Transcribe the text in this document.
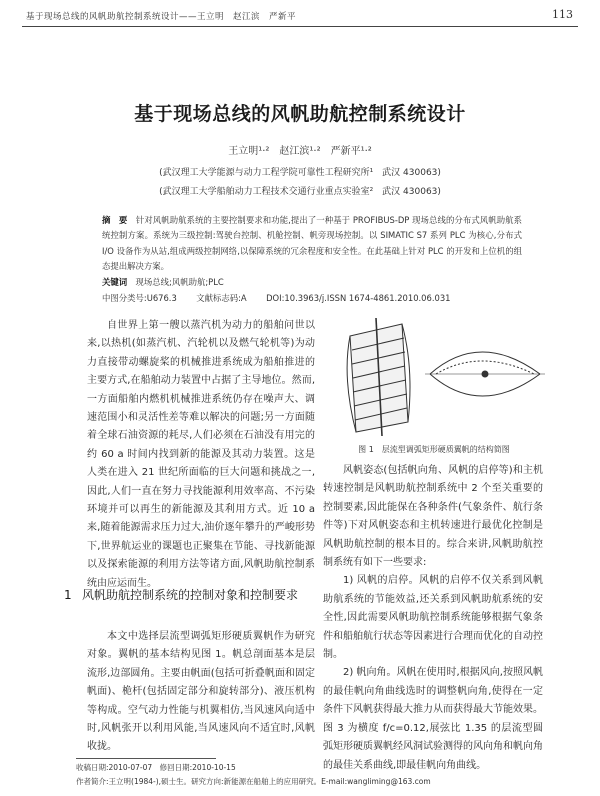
基于现场总线的风帆助航控制系统设计——王立明　赵江滨　严新平	113
基于现场总线的风帆助航控制系统设计
王立明¹·²　赵江滨¹·²　严新平¹·²
(武汉理工大学能源与动力工程学院可靠性工程研究所¹　武汉 430063)
(武汉理工大学船舶动力工程技术交通行业重点实验室²　武汉 430063)
摘　要　 针对风帆助航系统的主要控制要求和功能,提出了一种基于 PROFIBUS-DP 现场总线的分布式风帆助航系统控制方案。系统为三级控制:驾驶台控制、机舱控制、帆旁现场控制。以 SIMATIC S7 系列 PLC 为核心,分布式 I/O 设备作为从站,组成两级控制网络,以保障系统的冗余程度和安全性。在此基础上针对 PLC 的开发和上位机的组态提出解决方案。
关键词　 现场总线;风帆助航;PLC
中图分类号:U676.3　　 文献标志码:A　　 DOI:10.3963/j.ISSN 1674-4861.2010.06.031

自世界上第一艘以蒸汽机为动力的船舶问世以来,以热机(如蒸汽机、汽轮机以及燃气轮机等)为动力直接带动螺旋桨的机械推进系统成为船舶推进的主要方式,在船舶动力装置中占据了主导地位。然而,一方面船舶内燃机机械推进系统仍存在噪声大、调速范围小和灵活性差等难以解决的问题;另一方面随着全球石油资源的耗尽,人们必须在石油没有用完的约 60 a 时间内找到新的能源及其动力装置。这是人类在进入 21 世纪所面临的巨大问题和挑战之一,因此,人们一直在努力寻找能源利用效率高、不污染环境并可以再生的新能源及其利用方式。近 10 a 来,随着能源需求压力过大,油价逐年攀升的严峻形势下,世界航运业的课题也正聚集在节能、寻找新能源以及探索能源的利用方法等诸方面,风帆助航控制系统由应运而生。

1 风帆助航控制系统的控制对象和控制要求

本文中选择层流型调弧矩形硬质翼帆作为研究对象。翼帆的基本结构见图 1。帆总剖面基本是层流形,边部圆角。主要由帆面(包括可折叠帆面和固定帆面)、桅杆(包括固定部分和旋转部分)、液压机构等构成。空气动力性能与机翼相仿,当风速风向适中时,风帆张开以利用风能,当风速风向不适宜时,风帆收拢。

图 1　层流型调弧矩形硬质翼帆的结构简图

风帆姿态(包括帆向角、风帆的启停等)和主机转速控制是风帆助航控制系统中 2 个至关重要的控制要素,因此能保在各种条件(气象条件、航行条件等)下对风帆姿态和主机转速进行最优化控制是风帆助航控制的根本目的。综合来讲,风帆助航控制系统有如下一些要求:

1) 风帆的启停。风帆的启停不仅关系到风帆助航系统的节能效益,还关系到风帆助航系统的安全性,因此需要风帆助航控制系统能够根据气象条件和船舶航行状态等因素进行合理而优化的自动控制。

2) 帆向角。风帆在使用时,根据风向,按照风帆的最佳帆向角曲线选时的调整帆向角,使得在一定条件下风帆获得最大推力从而获得最大节能效果。图 3 为横度 f/c=0.12,展弦比 1.35 的层流型圆弧矩形硬质翼帆经风洞试验测得的风向角和帆向角的最佳关系曲线,即最佳帆向角曲线。

收稿日期:2010-07-07　修回日期:2010-10-15
作者简介:王立明(1984-),硕士生。研究方向:新能源在船舶上的应用研究。E-mail:wangliming@163.com
